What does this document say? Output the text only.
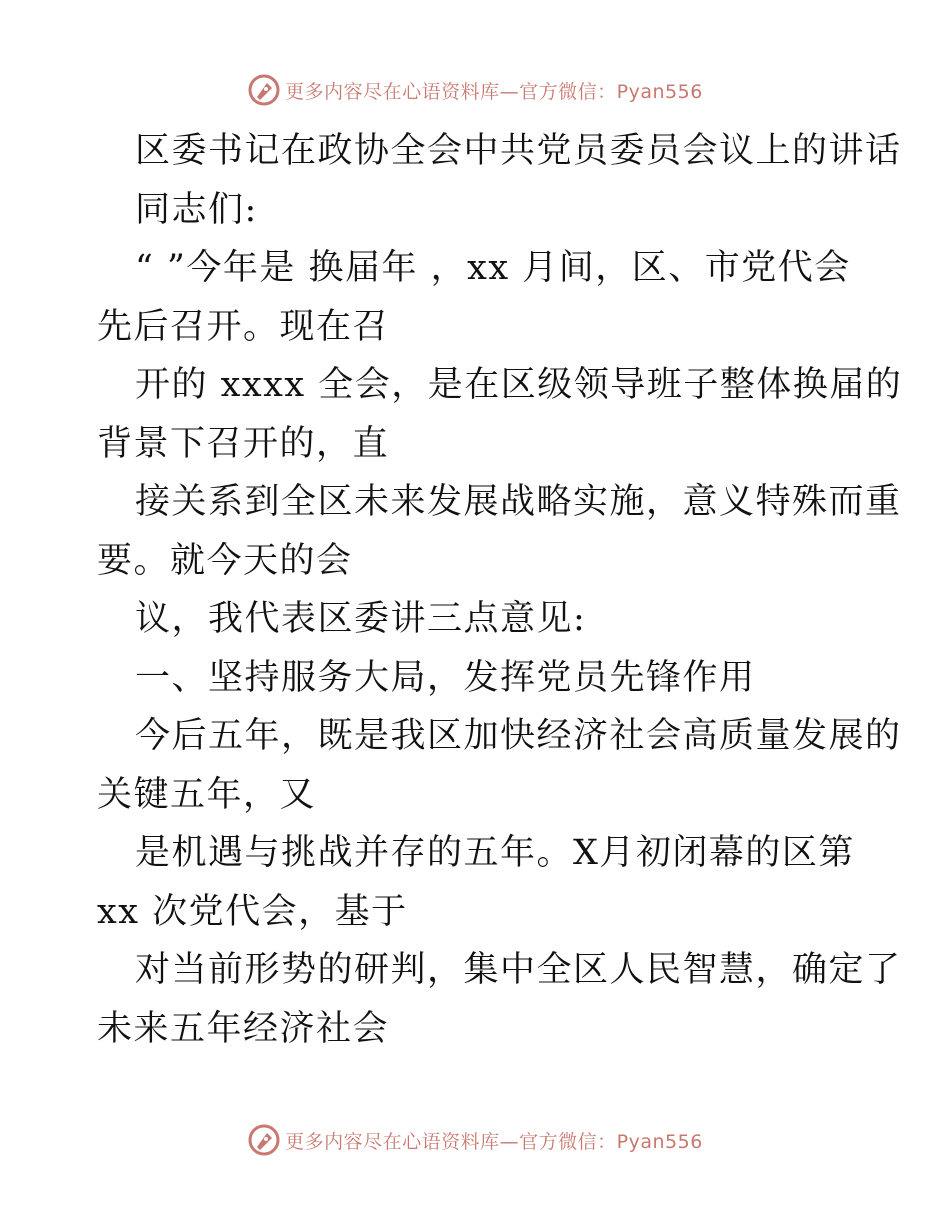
更多内容尽在心语资料库—官方微信：Pyan556
区委书记在政协全会中共党员委员会议上的讲话
同志们:
“ ”今年是 换届年 ，xx 月间，区、市党代会
先后召开。现在召
开的 xxxx 全会，是在区级领导班子整体换届的
背景下召开的，直
接关系到全区未来发展战略实施，意义特殊而重
要。就今天的会
议，我代表区委讲三点意见:
一、坚持服务大局，发挥党员先锋作用
今后五年，既是我区加快经济社会高质量发展的
关键五年，又
是机遇与挑战并存的五年。X月初闭幕的区第
xx 次党代会，基于
对当前形势的研判，集中全区人民智慧，确定了
未来五年经济社会
更多内容尽在心语资料库—官方微信：Pyan556
